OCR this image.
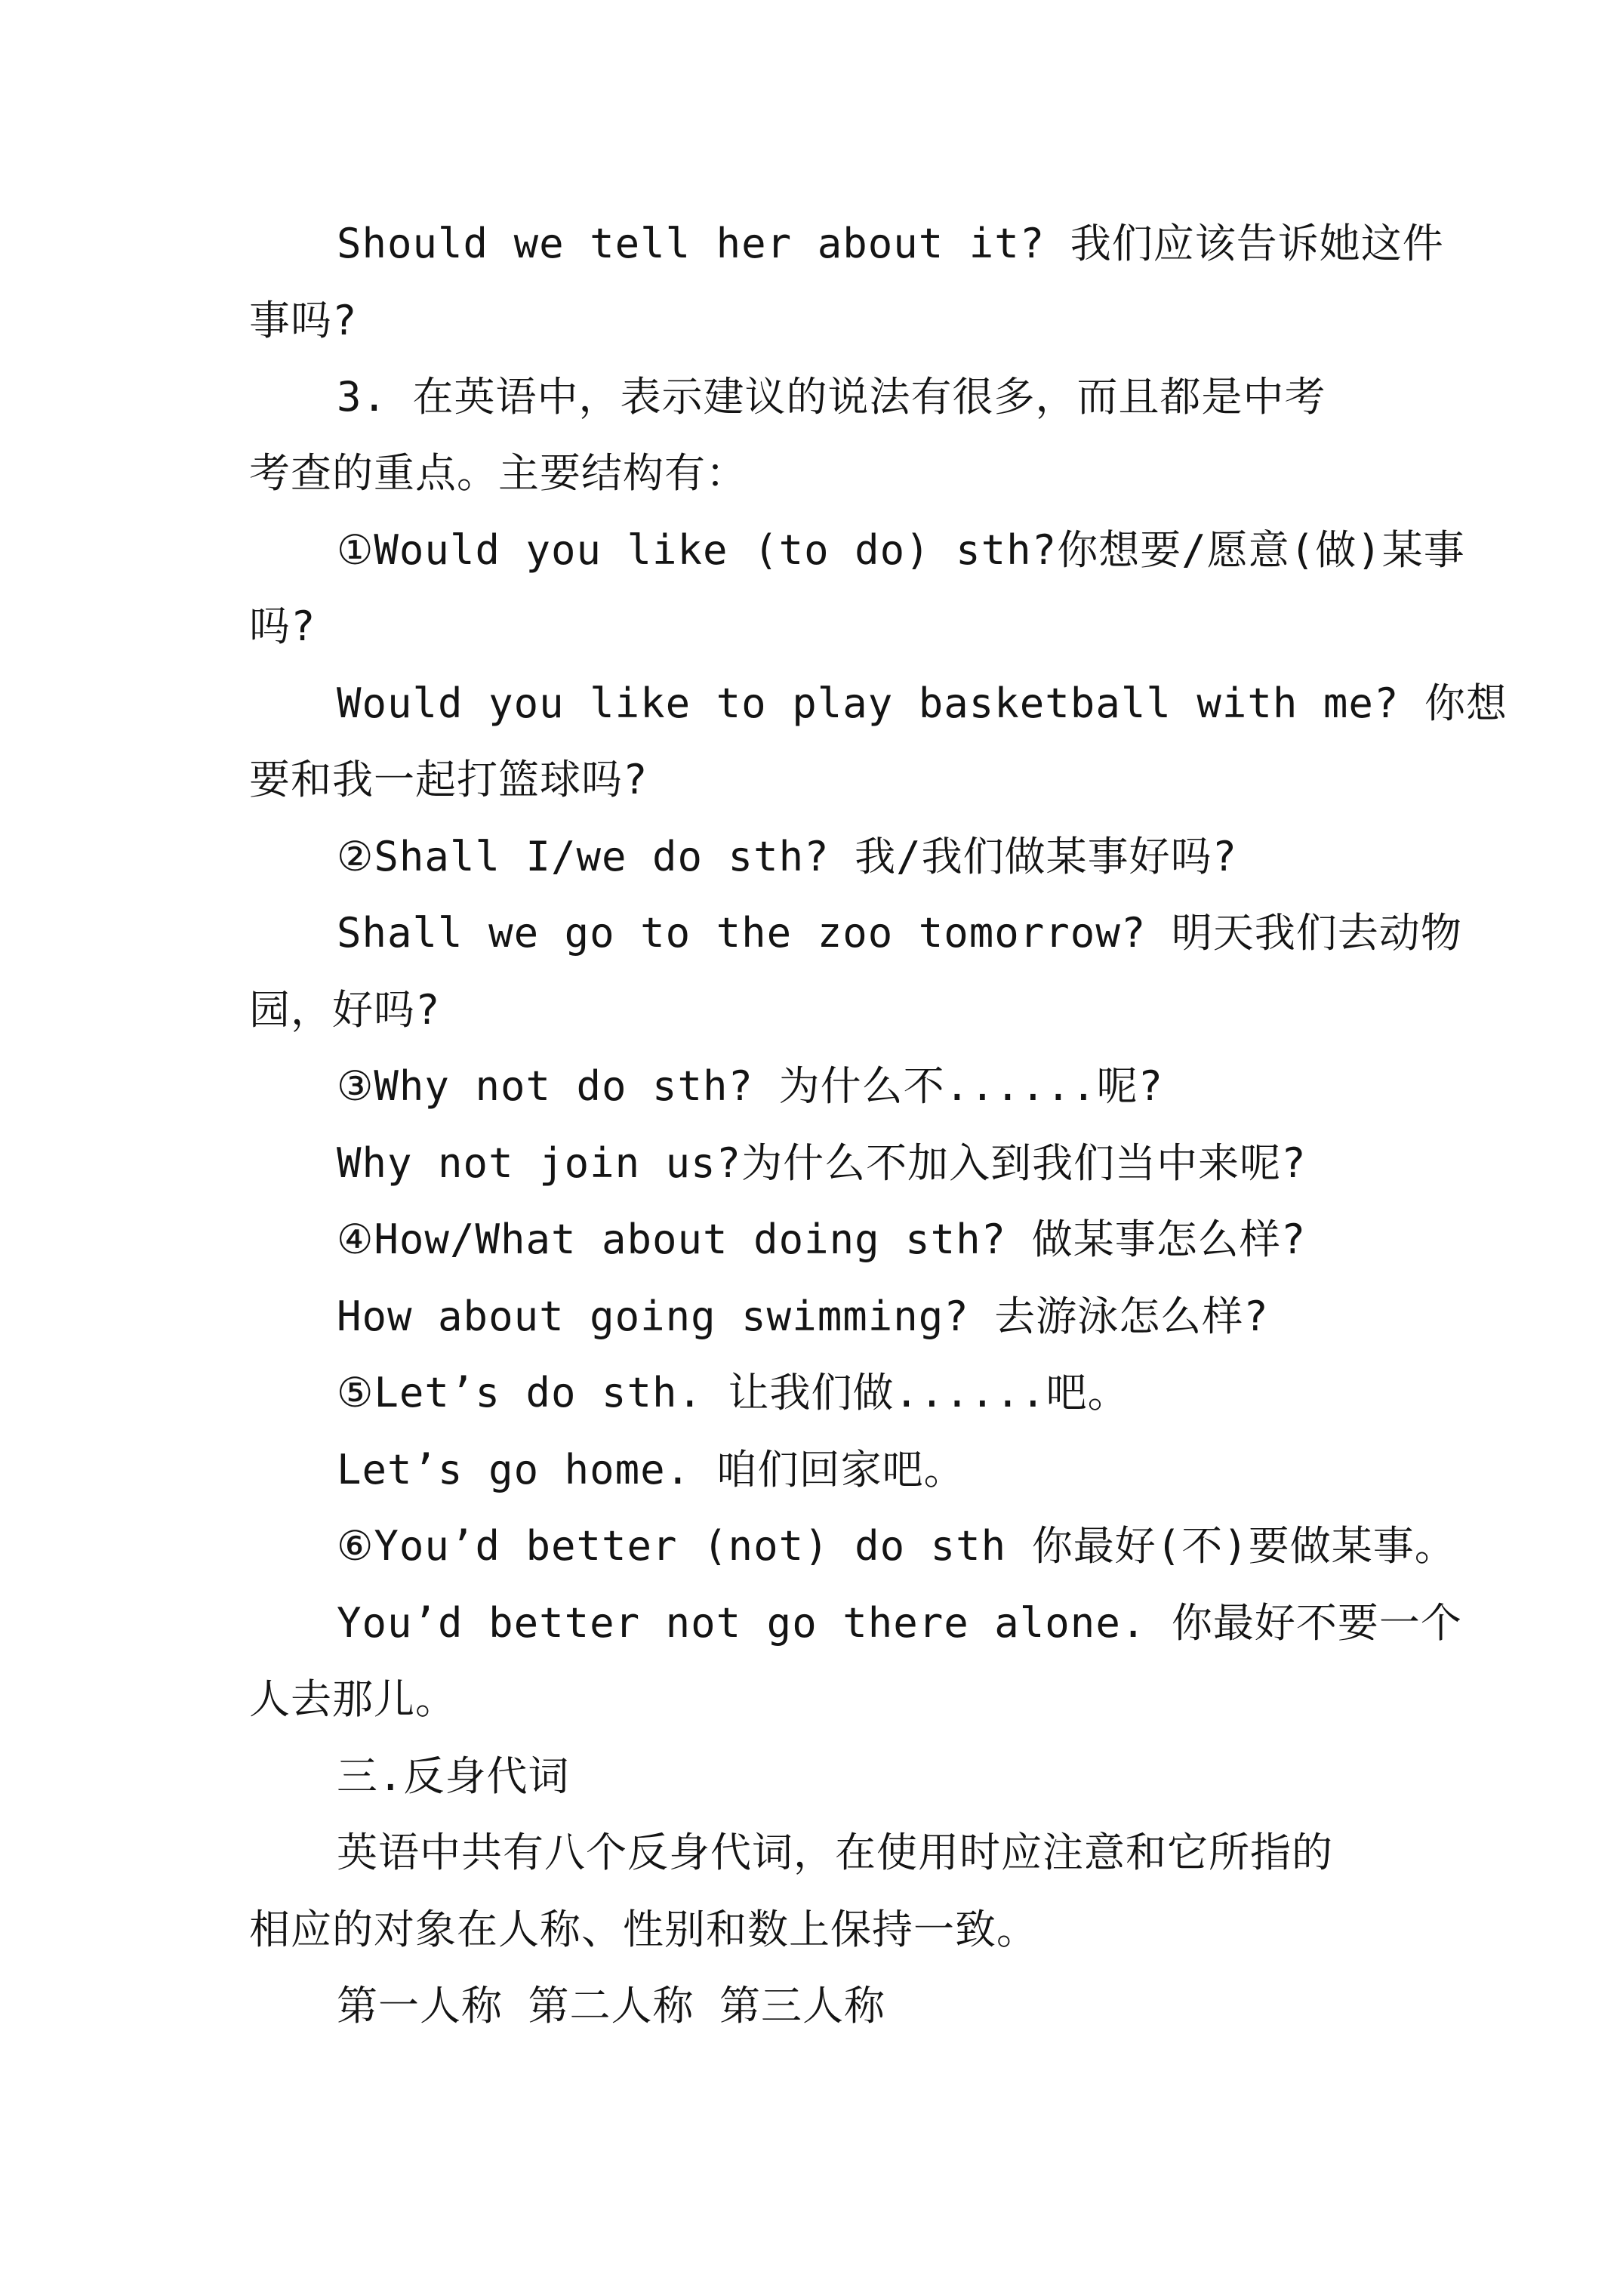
Should we tell her about it? 我们应该告诉她这件
事吗?
3. 在英语中，表示建议的说法有很多，而且都是中考
考查的重点。主要结构有：
①Would you like (to do) sth?你想要/愿意(做)某事
吗?
Would you like to play basketball with me? 你想
要和我一起打篮球吗?
②Shall I/we do sth? 我/我们做某事好吗?
Shall we go to the zoo tomorrow? 明天我们去动物
园，好吗?
③Why not do sth? 为什么不......呢?
Why not join us?为什么不加入到我们当中来呢?
④How/What about doing sth? 做某事怎么样?
How about going swimming? 去游泳怎么样?
⑤Let’s do sth. 让我们做......吧。
Let’s go home. 咱们回家吧。
⑥You’d better (not) do sth 你最好(不)要做某事。
You’d better not go there alone. 你最好不要一个
人去那儿。
三.反身代词
英语中共有八个反身代词，在使用时应注意和它所指的
相应的对象在人称、性别和数上保持一致。
第一人称 第二人称 第三人称
